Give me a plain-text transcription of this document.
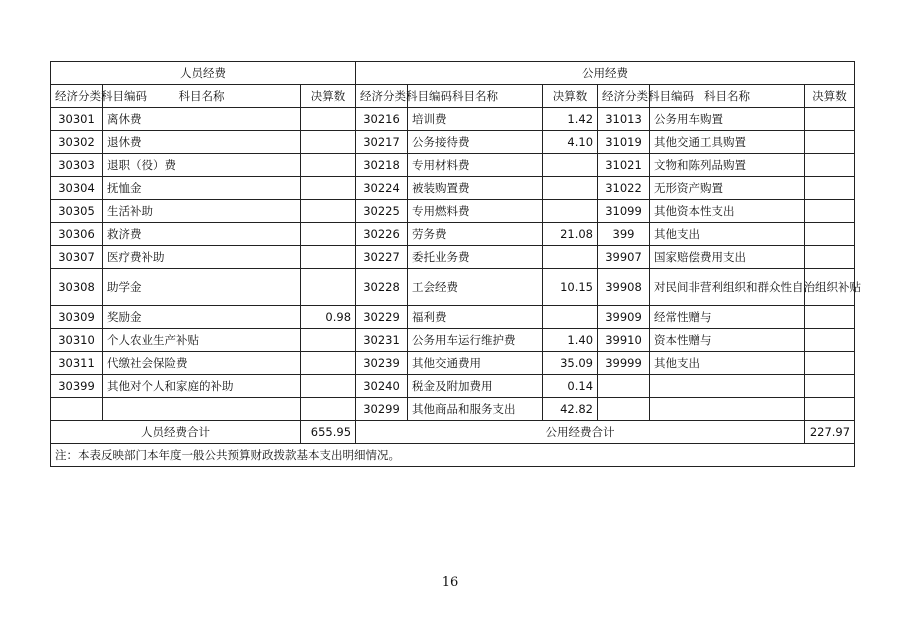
人员经费			公用经费					
经济分类科目编码	科目名称	决算数	经济分类科目编码	科目名称	决算数	经济分类科目编码	科目名称	决算数
30301	离休费		30216	培训费	1.42	31013	公务用车购置	
30302	退休费		30217	公务接待费	4.10	31019	其他交通工具购置	
30303	退职（役）费		30218	专用材料费		31021	文物和陈列品购置	
30304	抚恤金		30224	被装购置费		31022	无形资产购置	
30305	生活补助		30225	专用燃料费		31099	其他资本性支出	
30306	救济费		30226	劳务费	21.08	399	其他支出	
30307	医疗费补助		30227	委托业务费		39907	国家赔偿费用支出	
30308	助学金		30228	工会经费	10.15	39908	对民间非营利组织和群众性自治组织补贴	
30309	奖励金	0.98	30229	福利费		39909	经常性赠与	
30310	个人农业生产补贴		30231	公务用车运行维护费	1.40	39910	资本性赠与	
30311	代缴社会保险费		30239	其他交通费用	35.09	39999	其他支出	
30399	其他对个人和家庭的补助		30240	税金及附加费用	0.14			
			30299	其他商品和服务支出	42.82			
人员经费合计		655.95	公用经费合计					227.97
注：本表反映部门本年度一般公共预算财政拨款基本支出明细情况。								
16
